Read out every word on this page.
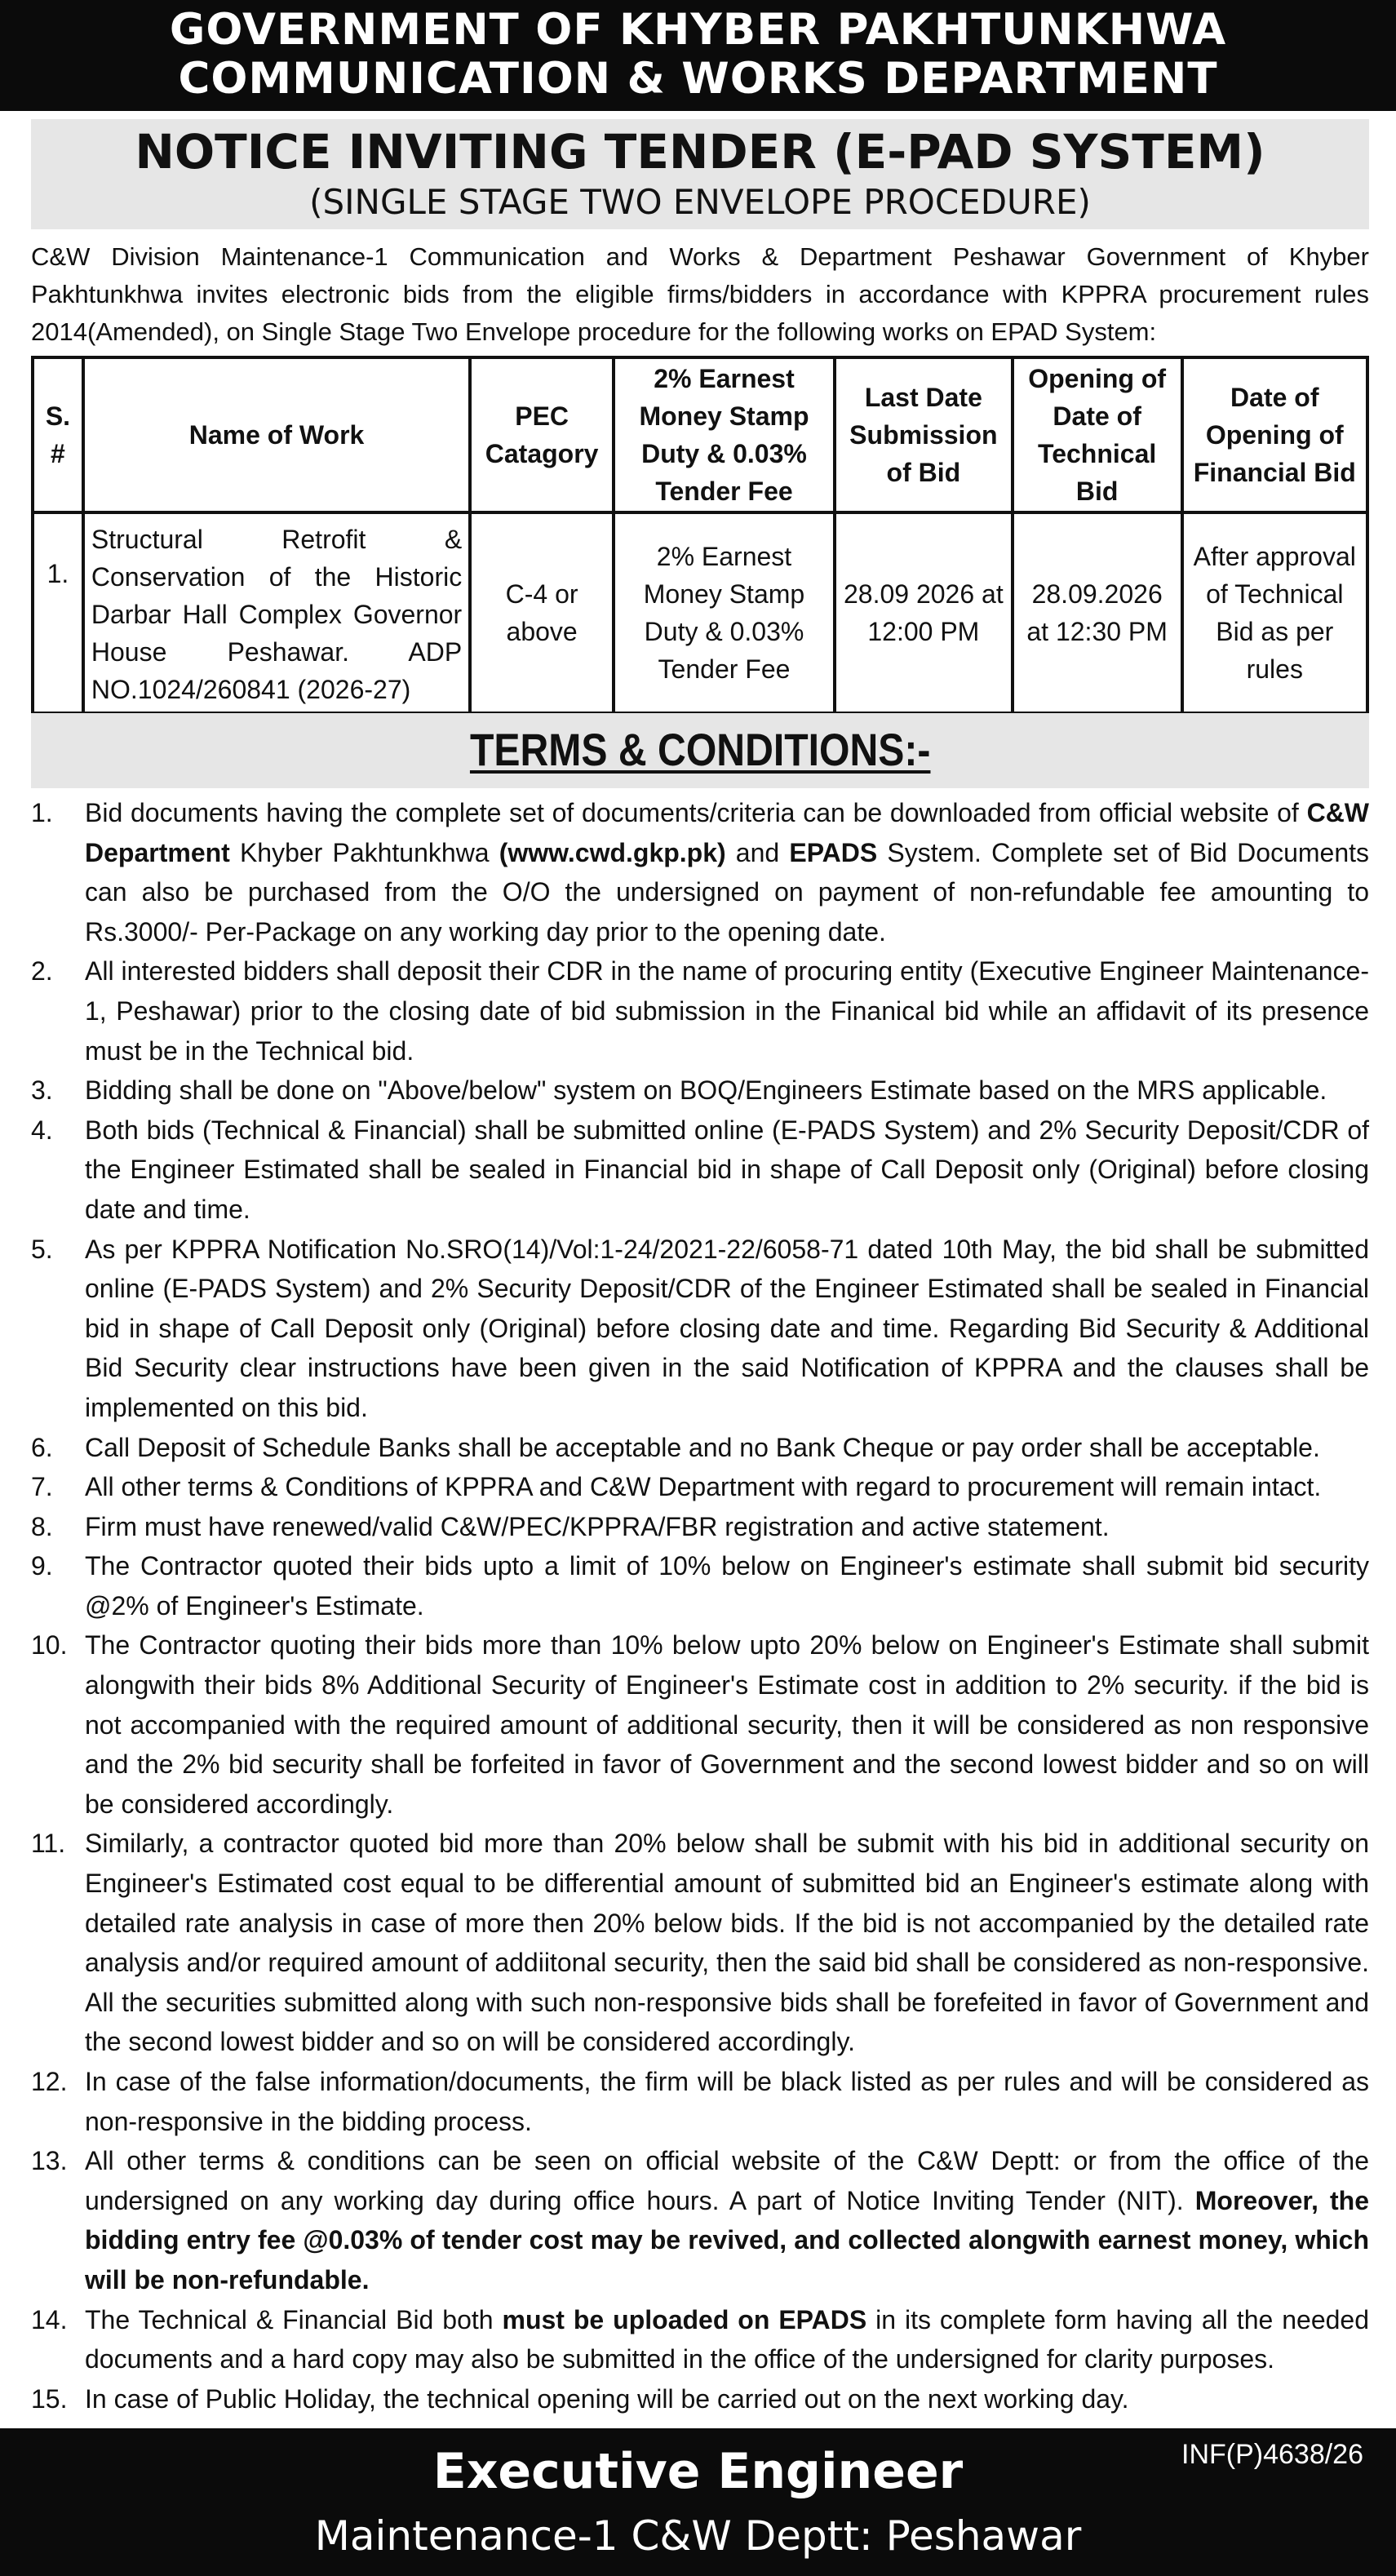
GOVERNMENT OF KHYBER PAKHTUNKHWA
COMMUNICATION & WORKS DEPARTMENT
NOTICE INVITING TENDER (E-PAD SYSTEM)
(SINGLE STAGE TWO ENVELOPE PROCEDURE)

C&W Division Maintenance-1 Communication and Works & Department Peshawar Government of Khyber Pakhtunkhwa invites electronic bids from the eligible firms/bidders in accordance with KPPRA procurement rules 2014(Amended), on Single Stage Two Envelope procedure for the following works on EPAD System:

S. #	Name of Work	PEC Catagory	2% Earnest Money Stamp Duty & 0.03% Tender Fee	Last Date Submission of Bid	Opening of Date of Technical Bid	Date of Opening of Financial Bid
1.	Structural Retrofit & Conservation of the Historic Darbar Hall Complex Governor House Peshawar. ADP NO.1024/260841 (2026-27)	C-4 or above	2% Earnest Money Stamp Duty & 0.03% Tender Fee	28.09 2026 at 12:00 PM	28.09.2026 at 12:30 PM	After approval of Technical Bid as per rules
TERMS & CONDITIONS:-
1.	Bid documents having the complete set of documents/criteria can be downloaded from official website of C&W Department Khyber Pakhtunkhwa (www.cwd.gkp.pk) and EPADS System. Complete set of Bid Documents can also be purchased from the O/O the undersigned on payment of non-refundable fee amounting to Rs.3000/- Per-Package on any working day prior to the opening date.
2.	All interested bidders shall deposit their CDR in the name of procuring entity (Executive Engineer Maintenance-1, Peshawar) prior to the closing date of bid submission in the Finanical bid while an affidavit of its presence must be in the Technical bid.
3.	Bidding shall be done on "Above/below" system on BOQ/Engineers Estimate based on the MRS applicable.
4.	Both bids (Technical & Financial) shall be submitted online (E-PADS System) and 2% Security Deposit/CDR of the Engineer Estimated shall be sealed in Financial bid in shape of Call Deposit only (Original) before closing date and time.
5.	As per KPPRA Notification No.SRO(14)/Vol:1-24/2021-22/6058-71 dated 10th May, the bid shall be submitted online (E-PADS System) and 2% Security Deposit/CDR of the Engineer Estimated shall be sealed in Financial bid in shape of Call Deposit only (Original) before closing date and time. Regarding Bid Security & Additional Bid Security clear instructions have been given in the said Notification of KPPRA and the clauses shall be implemented on this bid.
6.	Call Deposit of Schedule Banks shall be acceptable and no Bank Cheque or pay order shall be acceptable.
7.	All other terms & Conditions of KPPRA and C&W Department with regard to procurement will remain intact.
8.	Firm must have renewed/valid C&W/PEC/KPPRA/FBR registration and active statement.
9.	The Contractor quoted their bids upto a limit of 10% below on Engineer's estimate shall submit bid security @2% of Engineer's Estimate.
10. The Contractor quoting their bids more than 10% below upto 20% below on Engineer's Estimate shall submit alongwith their bids 8% Additional Security of Engineer's Estimate cost in addition to 2% security. if the bid is not accompanied with the required amount of additional security, then it will be considered as non responsive and the 2% bid security shall be forfeited in favor of Government and the second lowest bidder and so on will be considered accordingly.
11. Similarly, a contractor quoted bid more than 20% below shall be submit with his bid in additional security on Engineer's Estimated cost equal to be differential amount of submitted bid an Engineer's estimate along with detailed rate analysis in case of more then 20% below bids. If the bid is not accompanied by the detailed rate analysis and/or required amount of addiitonal security, then the said bid shall be considered as non-responsive. All the securities submitted along with such non-responsive bids shall be forefeited in favor of Government and the second lowest bidder and so on will be considered accordingly.
12. In case of the false information/documents, the firm will be black listed as per rules and will be considered as non-responsive in the bidding process.
13. All other terms & conditions can be seen on official website of the C&W Deptt: or from the office of the undersigned on any working day during office hours. A part of Notice Inviting Tender (NIT). Moreover, the bidding entry fee @0.03% of tender cost may be revived, and collected alongwith earnest money, which will be non-refundable.
14. The Technical & Financial Bid both must be uploaded on EPADS in its complete form having all the needed documents and a hard copy may also be submitted in the office of the undersigned for clarity purposes.
15. In case of Public Holiday, the technical opening will be carried out on the next working day.
Executive Engineer
Maintenance-1 C&W Deptt: Peshawar
INF(P)4638/26
